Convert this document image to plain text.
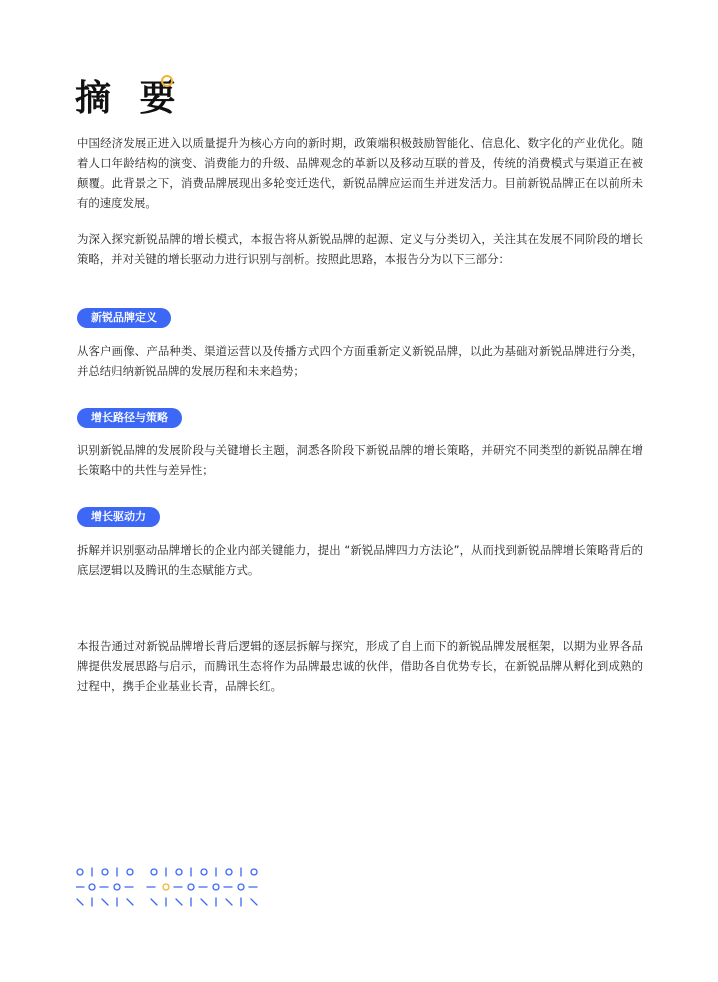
摘 要

中国经济发展正进入以质量提升为核心方向的新时期，政策端积极鼓励智能化、信息化、数字化的产业优化。随着人口年龄结构的演变、消费能力的升级、品牌观念的革新以及移动互联的普及，传统的消费模式与渠道正在被颠覆。此背景之下，消费品牌展现出多轮变迁迭代，新锐品牌应运而生并迸发活力。目前新锐品牌正在以前所未有的速度发展。

为深入探究新锐品牌的增长模式，本报告将从新锐品牌的起源、定义与分类切入，关注其在发展不同阶段的增长策略，并对关键的增长驱动力进行识别与剖析。按照此思路，本报告分为以下三部分：

新锐品牌定义

从客户画像、产品种类、渠道运营以及传播方式四个方面重新定义新锐品牌，以此为基础对新锐品牌进行分类，并总结归纳新锐品牌的发展历程和未来趋势；

增长路径与策略

识别新锐品牌的发展阶段与关键增长主题，洞悉各阶段下新锐品牌的增长策略，并研究不同类型的新锐品牌在增长策略中的共性与差异性；

增长驱动力

拆解并识别驱动品牌增长的企业内部关键能力，提出 “新锐品牌四力方法论”，从而找到新锐品牌增长策略背后的底层逻辑以及腾讯的生态赋能方式。

本报告通过对新锐品牌增长背后逻辑的逐层拆解与探究，形成了自上而下的新锐品牌发展框架，以期为业界各品牌提供发展思路与启示，而腾讯生态将作为品牌最忠诚的伙伴，借助各自优势专长，在新锐品牌从孵化到成熟的过程中，携手企业基业长青，品牌长红。
